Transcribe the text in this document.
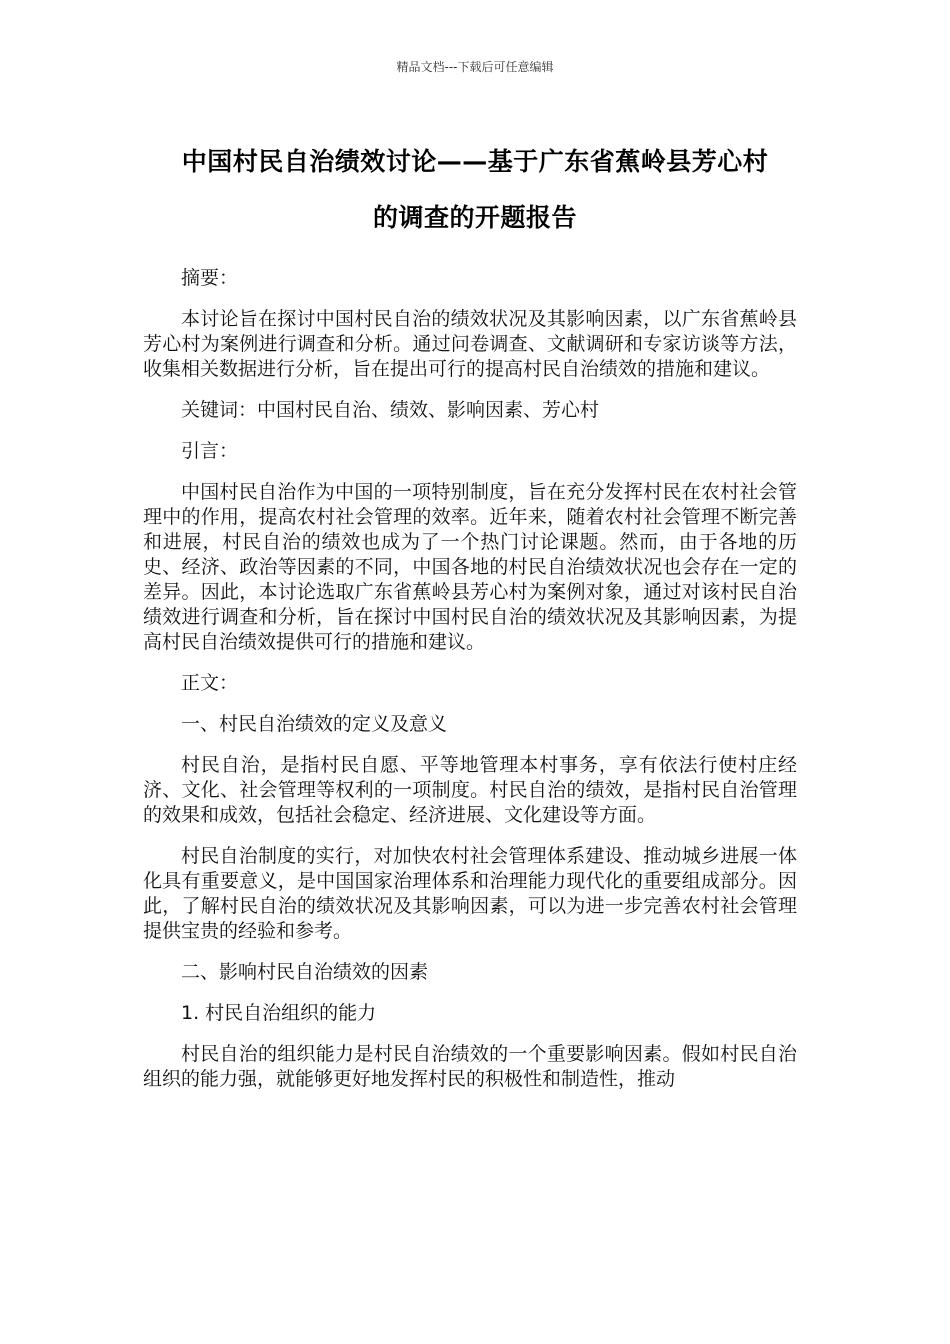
精品文档---下载后可任意编辑
中国村民自治绩效讨论——基于广东省蕉岭县芳心村
的调查的开题报告

摘要：

本讨论旨在探讨中国村民自治的绩效状况及其影响因素，以广东省蕉岭县芳心村为案例进行调查和分析。通过问卷调查、文献调研和专家访谈等方法，收集相关数据进行分析，旨在提出可行的提高村民自治绩效的措施和建议。

关键词：中国村民自治、绩效、影响因素、芳心村

引言：

中国村民自治作为中国的一项特别制度，旨在充分发挥村民在农村社会管理中的作用，提高农村社会管理的效率。近年来，随着农村社会管理不断完善和进展，村民自治的绩效也成为了一个热门讨论课题。然而，由于各地的历史、经济、政治等因素的不同，中国各地的村民自治绩效状况也会存在一定的差异。因此，本讨论选取广东省蕉岭县芳心村为案例对象，通过对该村民自治绩效进行调查和分析，旨在探讨中国村民自治的绩效状况及其影响因素，为提高村民自治绩效提供可行的措施和建议。

正文：

一、村民自治绩效的定义及意义

村民自治，是指村民自愿、平等地管理本村事务，享有依法行使村庄经济、文化、社会管理等权利的一项制度。村民自治的绩效，是指村民自治管理的效果和成效，包括社会稳定、经济进展、文化建设等方面。

村民自治制度的实行，对加快农村社会管理体系建设、推动城乡进展一体化具有重要意义，是中国国家治理体系和治理能力现代化的重要组成部分。因此，了解村民自治的绩效状况及其影响因素，可以为进一步完善农村社会管理提供宝贵的经验和参考。

二、影响村民自治绩效的因素

1. 村民自治组织的能力

村民自治的组织能力是村民自治绩效的一个重要影响因素。假如村民自治组织的能力强，就能够更好地发挥村民的积极性和制造性，推动
